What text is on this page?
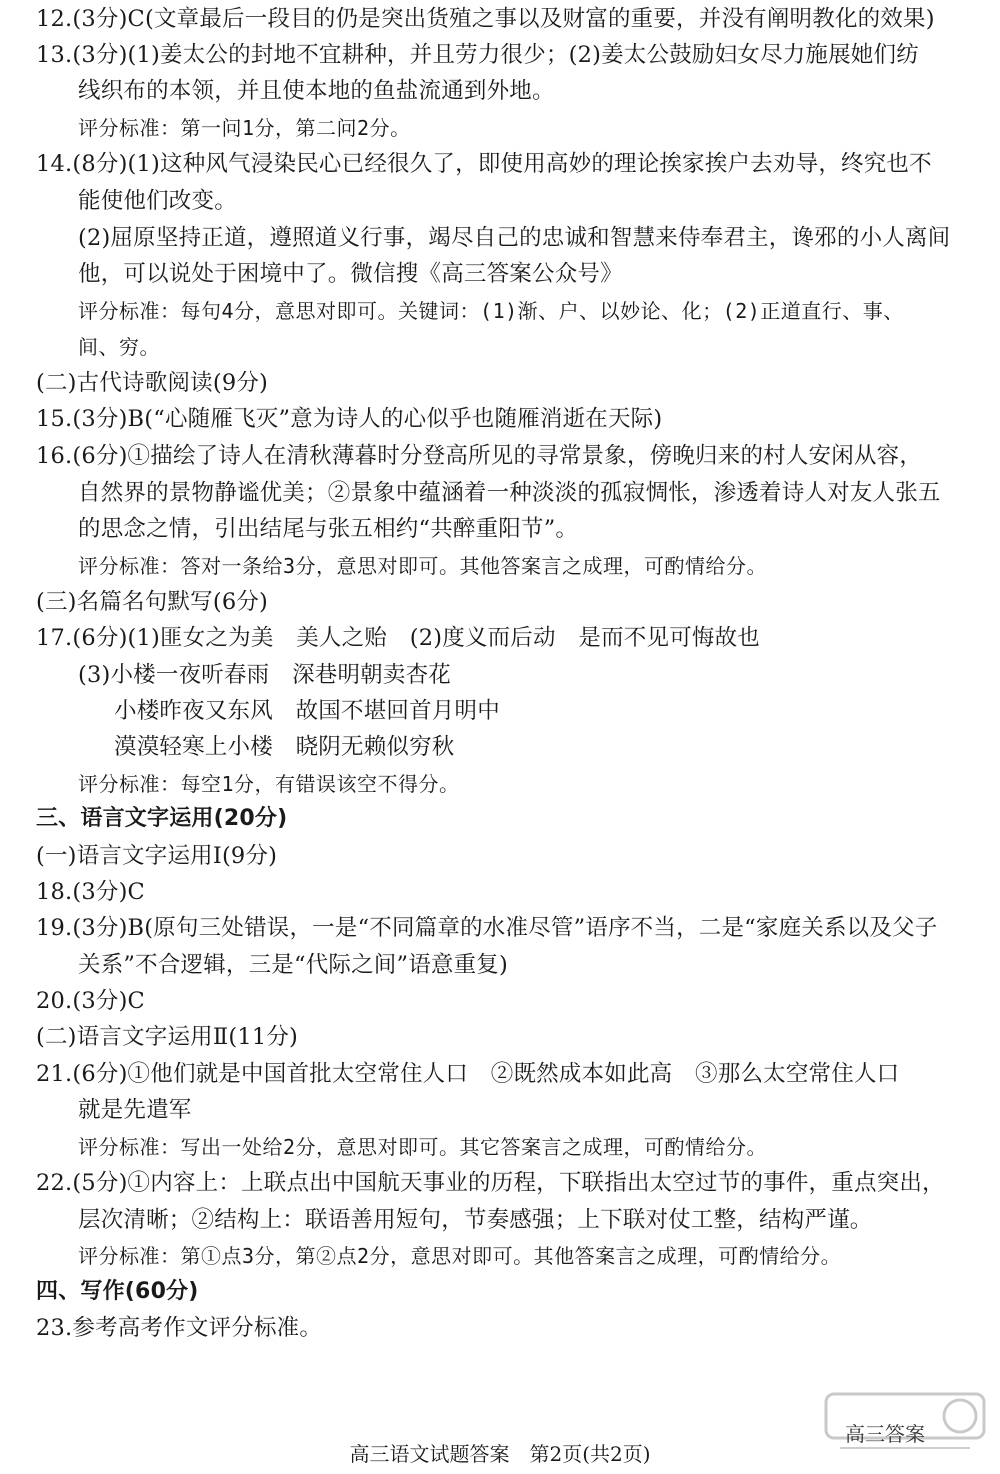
12.(3分)C(文章最后一段目的仍是突出货殖之事以及财富的重要，并没有阐明教化的效果)
13.(3分)(1)姜太公的封地不宜耕种，并且劳力很少；(2)姜太公鼓励妇女尽力施展她们纺
线织布的本领，并且使本地的鱼盐流通到外地。
评分标准：第一问1分，第二问2分。
14.(8分)(1)这种风气浸染民心已经很久了，即使用高妙的理论挨家挨户去劝导，终究也不
能使他们改变。
(2)屈原坚持正道，遵照道义行事，竭尽自己的忠诚和智慧来侍奉君主，谗邪的小人离间
他，可以说处于困境中了。微信搜《高三答案公众号》
评分标准：每句4分，意思对即可。关键词：(1)渐、户、以妙论、化；(2)正道直行、事、
间、穷。
(二)古代诗歌阅读(9分)
15.(3分)B(“心随雁飞灭”意为诗人的心似乎也随雁消逝在天际)
16.(6分)①描绘了诗人在清秋薄暮时分登高所见的寻常景象，傍晚归来的村人安闲从容，
自然界的景物静谧优美；②景象中蕴涵着一种淡淡的孤寂惆怅，渗透着诗人对友人张五
的思念之情，引出结尾与张五相约“共醉重阳节”。
评分标准：答对一条给3分，意思对即可。其他答案言之成理，可酌情给分。
(三)名篇名句默写(6分)
17.(6分)(1)匪女之为美　美人之贻　(2)度义而后动　是而不见可悔故也
(3)小楼一夜听春雨　深巷明朝卖杏花
小楼昨夜又东风　故国不堪回首月明中
漠漠轻寒上小楼　晓阴无赖似穷秋
评分标准：每空1分，有错误该空不得分。
三、语言文字运用(20分)
(一)语言文字运用Ⅰ(9分)
18.(3分)C
19.(3分)B(原句三处错误，一是“不同篇章的水准尽管”语序不当，二是“家庭关系以及父子
关系”不合逻辑，三是“代际之间”语意重复)
20.(3分)C
(二)语言文字运用Ⅱ(11分)
21.(6分)①他们就是中国首批太空常住人口　②既然成本如此高　③那么太空常住人口
就是先遣军
评分标准：写出一处给2分，意思对即可。其它答案言之成理，可酌情给分。
22.(5分)①内容上：上联点出中国航天事业的历程，下联指出太空过节的事件，重点突出，
层次清晰；②结构上：联语善用短句，节奏感强；上下联对仗工整，结构严谨。
评分标准：第①点3分，第②点2分，意思对即可。其他答案言之成理，可酌情给分。
四、写作(60分)
23.参考高考作文评分标准。
高三答案
高三语文试题答案　第2页(共2页)
